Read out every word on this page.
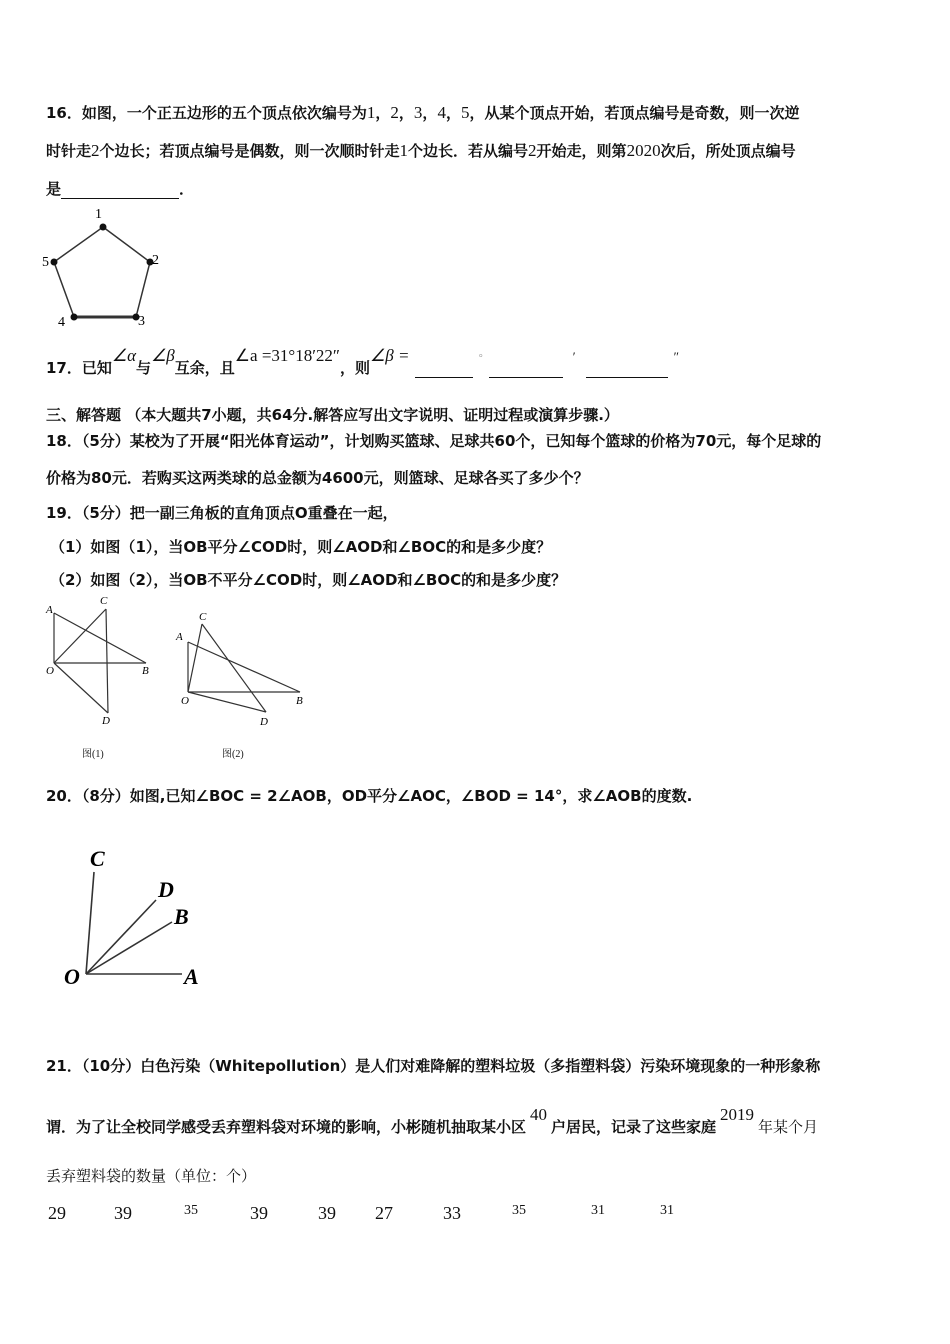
16．如图，一个正五边形的五个顶点依次编号为1，2，3，4，5，从某个顶点开始，若顶点编号是奇数，则一次逆
时针走2个边长；若顶点编号是偶数，则一次顺时针走1个边长．若从编号2开始走，则第2020次后，所处顶点编号
是	．
1
2
3
4
5
17．已知∠α与∠β互余，且∠a =31°18′22″，则∠β =	°	′	″
三、解答题 （本大题共7小题，共64分.解答应写出文字说明、证明过程或演算步骤.）
18．（5分）某校为了开展“阳光体育运动”，计划购买篮球、足球共60个，已知每个篮球的价格为70元，每个足球的
价格为80元．若购买这两类球的总金额为4600元，则篮球、足球各买了多少个？
19．（5分）把一副三角板的直角顶点O重叠在一起，
（1）如图（1），当OB平分∠COD时，则∠AOD和∠BOC的和是多少度？
（2）如图（2），当OB不平分∠COD时，则∠AOD和∠BOC的和是多少度？
A
C
O	B
D
图(1)
C
A
O
D
B
图(2)
20．（8分）如图,已知∠BOC = 2∠AOB，OD平分∠AOC，∠BOD = 14°，求∠AOB的度数.
C
D
B
O	A
21．（10分）白色污染（Whitepollution）是人们对难降解的塑料垃圾（多指塑料袋）污染环境现象的一种形象称
谓．为了让全校同学感受丢弃塑料袋对环境的影响，小彬随机抽取某小区40户居民，记录了这些家庭2019年某个月
丢弃塑料袋的数量（单位：个）
29	39	35	39	39 27	33	35	31	31
